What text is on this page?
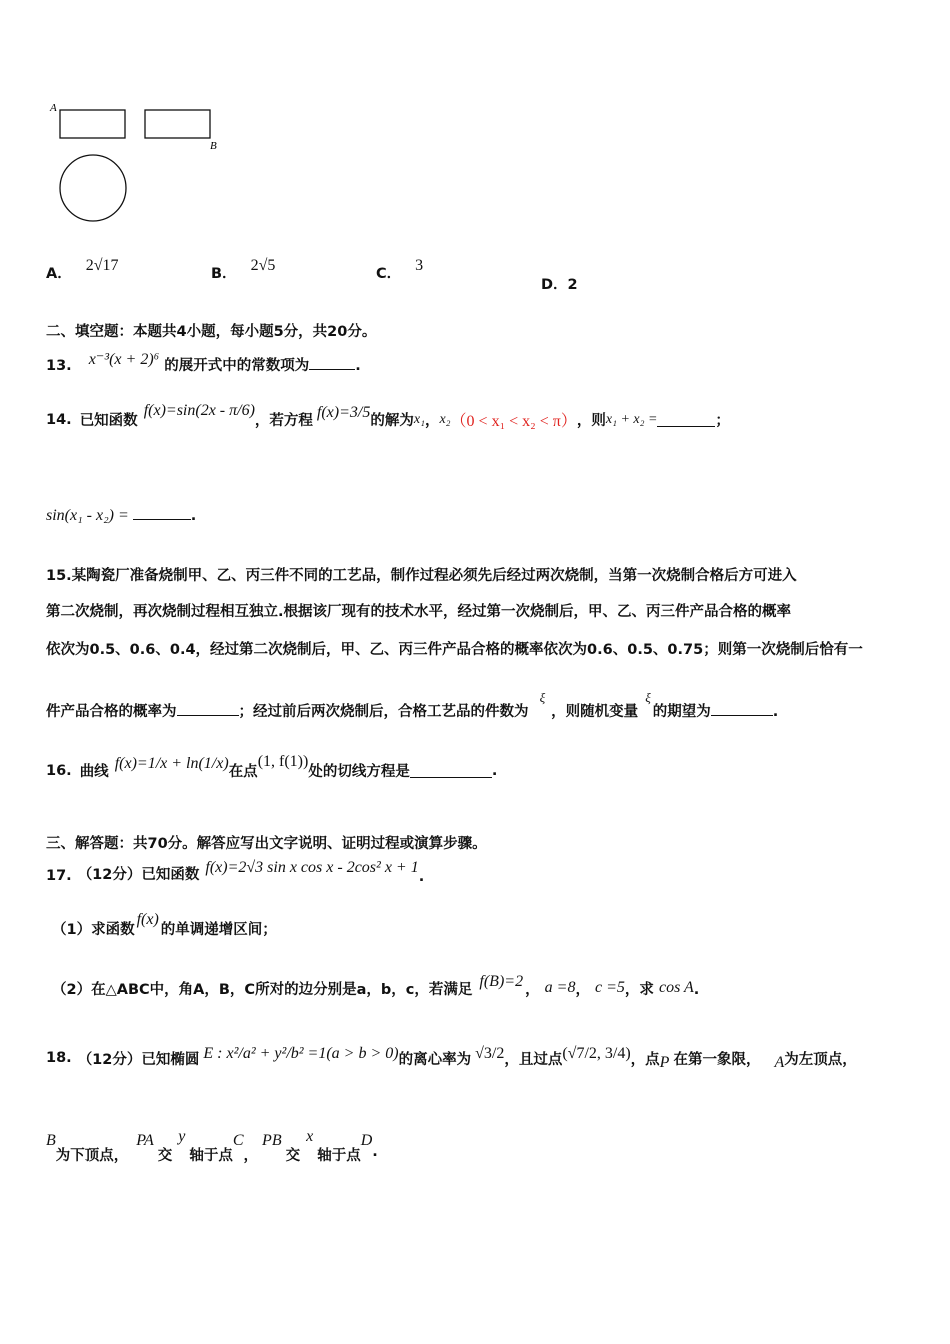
A
B
A． 2√17	B． 2√5	C． 3
D．2
二、填空题：本题共4小题，每小题5分，共20分。
13. x⁻³(x + 2)⁶ 的展开式中的常数项为	.
14. 已知函数
f(x)=sin(2x - π/6)
，若方程
f(x)=3/5
的解为 x₁ ， x₂ （0 < x₁ < x₂ < π） ，则 x₁ + x₂ =	；
sin(x₁ - x₂) =	.
15.某陶瓷厂准备烧制甲、乙、丙三件不同的工艺品，制作过程必须先后经过两次烧制，当第一次烧制合格后方可进入
第二次烧制，再次烧制过程相互独立.根据该厂现有的技术水平，经过第一次烧制后，甲、乙、丙三件产品合格的概率
依次为0.5、0.6、0.4，经过第二次烧制后，甲、乙、丙三件产品合格的概率依次为0.6、0.5、0.75；则第一次烧制后恰有一
件产品合格的概率为	；经过前后两次烧制后，合格工艺品的件数为 ξ，则随机变量 ξ的期望为	.
16. 曲线
f(x)=1/x + ln(1/x)
在点
(1, f(1))
处的切线方程是	.
三、解答题：共70分。解答应写出文字说明、证明过程或演算步骤。
17. （12分） 已知函数 f(x)=2√3 sin x cos x - 2cos² x + 1
.
（1）求函数f(x)的单调递增区间；
（2）在△ABC中，角A，B，C所对的边分别是a，b，c，若满足 f(B)=2 ， a =8， c =5，求 cos A.
18. （12分） 已知椭圆 E : x²/a² + y²/b² =1(a > b > 0) 的离心率为 √3/2 ，且过点 (√7/2, 3/4) ，点 P 在第一象限， A 为左顶点，
B
为下顶点，
PA
交
y
轴于点
C
，
PB
交
x
轴于点
D
.
